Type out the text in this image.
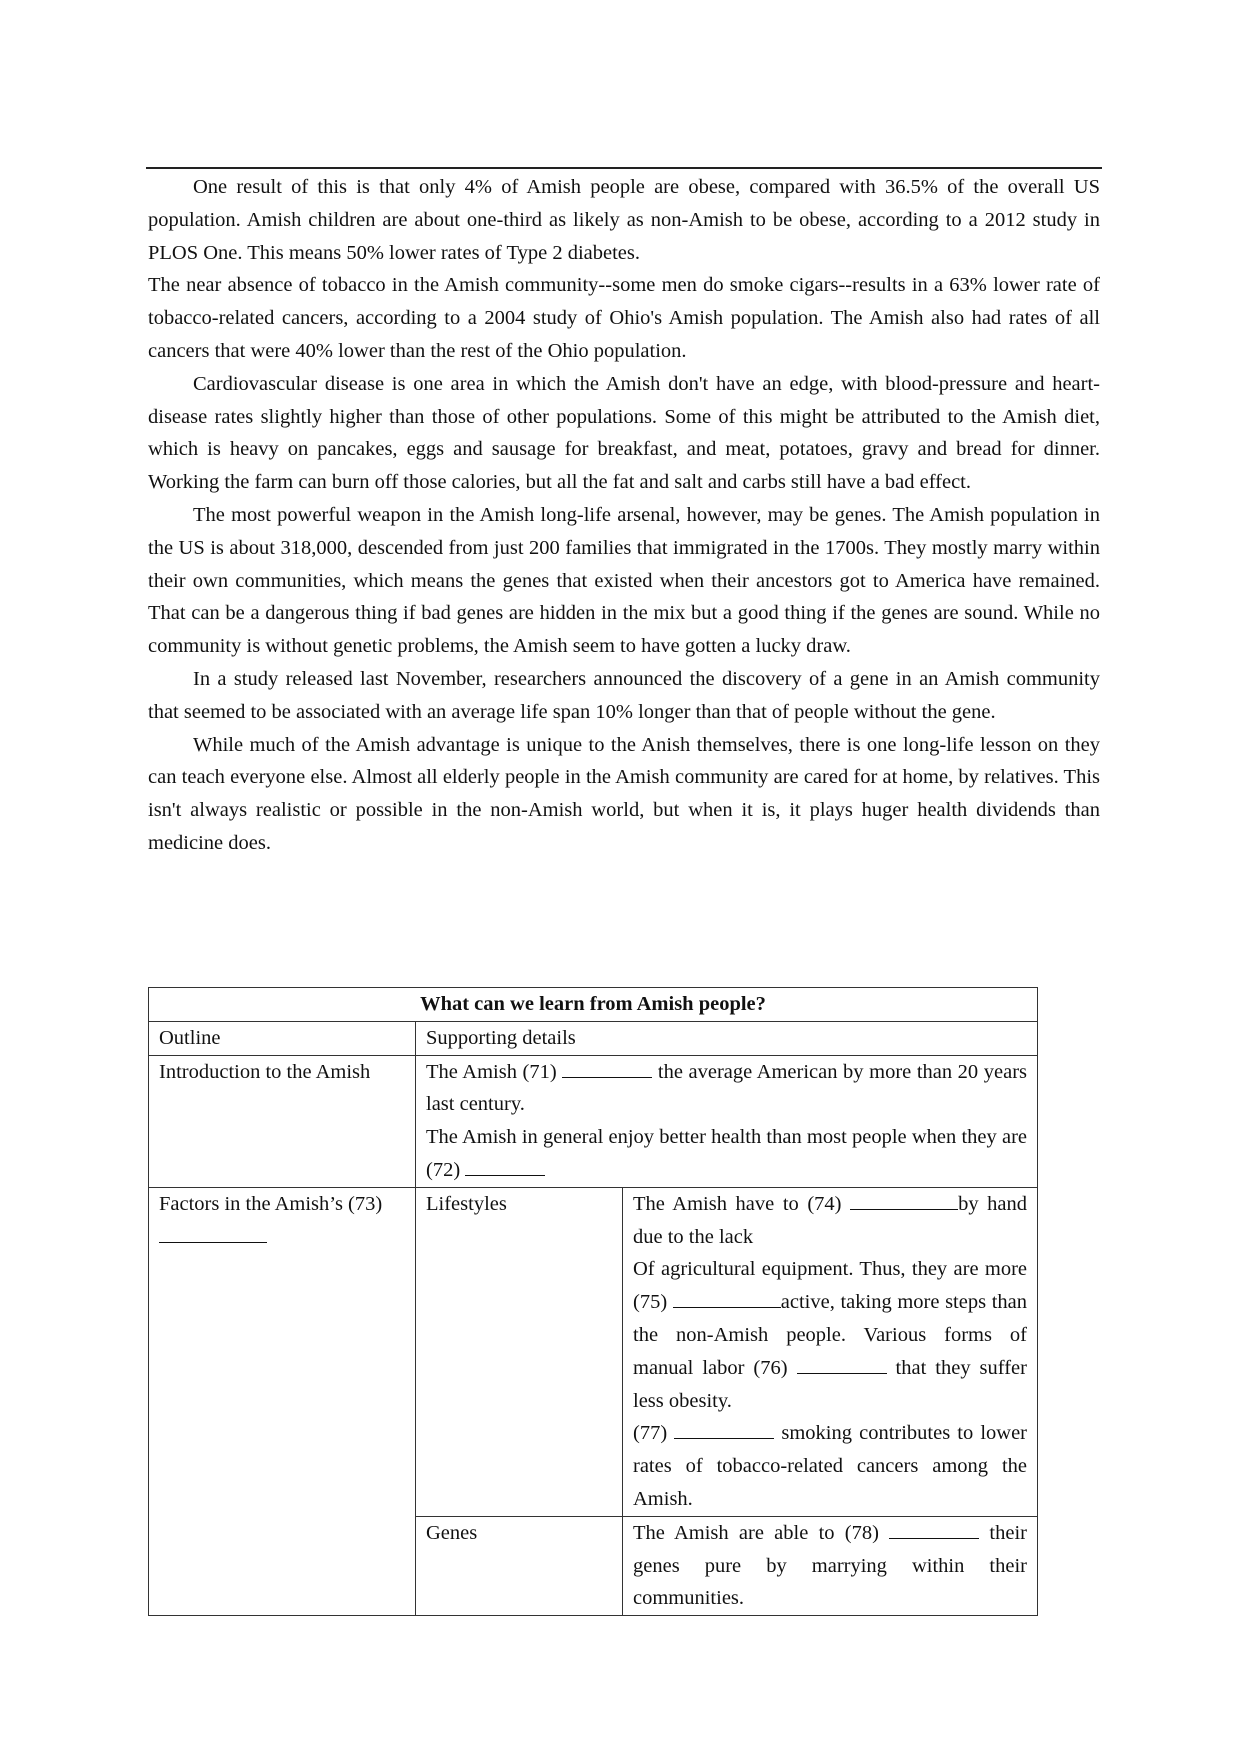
One result of this is that only 4% of Amish people are obese, compared with 36.5% of the overall US population. Amish children are about one-third as likely as non-Amish to be obese, according to a 2012 study in PLOS One. This means 50% lower rates of Type 2 diabetes.

The near absence of tobacco in the Amish community--some men do smoke cigars--results in a 63% lower rate of tobacco-related cancers, according to a 2004 study of Ohio's Amish population. The Amish also had rates of all cancers that were 40% lower than the rest of the Ohio population.

Cardiovascular disease is one area in which the Amish don't have an edge, with blood-pressure and heart-disease rates slightly higher than those of other populations. Some of this might be attributed to the Amish diet, which is heavy on pancakes, eggs and sausage for breakfast, and meat, potatoes, gravy and bread for dinner. Working the farm can burn off those calories, but all the fat and salt and carbs still have a bad effect.

The most powerful weapon in the Amish long-life arsenal, however, may be genes. The Amish population in the US is about 318,000, descended from just 200 families that immigrated in the 1700s. They mostly marry within their own communities, which means the genes that existed when their ancestors got to America have remained. That can be a dangerous thing if bad genes are hidden in the mix but a good thing if the genes are sound. While no community is without genetic problems, the Amish seem to have gotten a lucky draw.

In a study released last November, researchers announced the discovery of a gene in an Amish community that seemed to be associated with an average life span 10% longer than that of people without the gene.

While much of the Amish advantage is unique to the Anish themselves, there is one long-life lesson on they can teach everyone else. Almost all elderly people in the Amish community are cared for at home, by relatives. This isn't always realistic or possible in the non-Amish world, but when it is, it plays huger health dividends than medicine does.

What can we learn from Amish people?		
Outline	Supporting details	
Introduction to the Amish	The Amish (71) the average American by more than 20 years last century.
The Amish in general enjoy better health than most people when they are (72)	
Factors in the Amish’s (73)	Lifestyles	The Amish have to (74) by hand due to the lack
Of agricultural equipment. Thus, they are more (75) active, taking more steps than the non-Amish people. Various forms of manual labor (76) that they suffer less obesity.
(77) smoking contributes to lower rates of tobacco-related cancers among the Amish.
	Genes	The Amish are able to (78) their genes pure by marrying within their communities.
